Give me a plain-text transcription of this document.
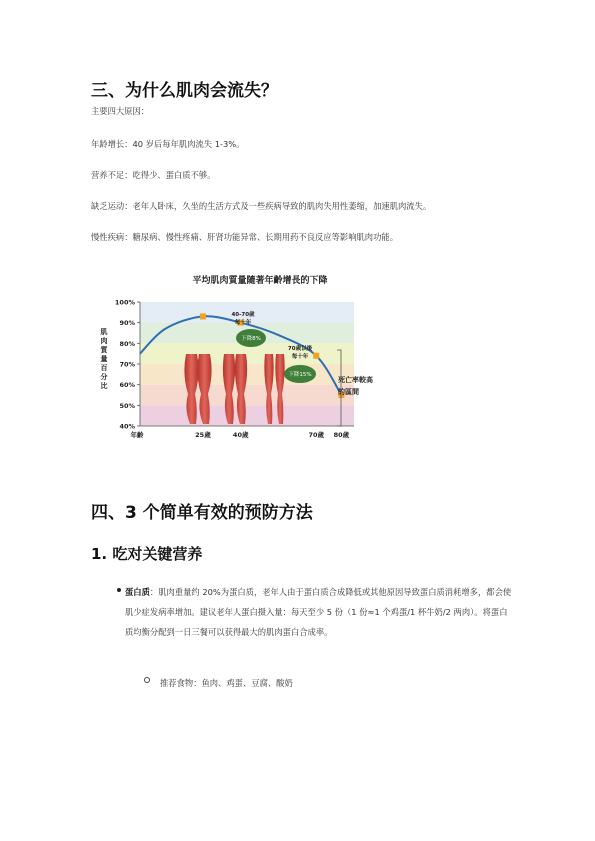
三、为什么肌肉会流失？
主要四大原因：
年龄增长：40 岁后每年肌肉流失 1-3%。
营养不足：吃得少、蛋白质不够。
缺乏运动：老年人卧床，久坐的生活方式及一些疾病导致的肌肉失用性萎缩，加速肌肉流失。
慢性疾病：糖尿病、慢性疼痛、肝肾功能异常、长期用药不良反应等影响肌肉功能。
平均肌肉質量隨著年齡增長的下降
100%
90%
80%
70%
60%
50%
40%
25歲	40歲	70歲 80歲
年齡
40-70歲
每十年
下降8%
70歲以後
每十年
下降15%
死亡率較高
的區間
肌
肉
質
量
百
分
比
四、3 个简单有效的预防方法
1. 吃对关键营养
蛋白质：肌肉重量约 20%为蛋白质，老年人由于蛋白质合成降低或其他原因导致蛋白质消耗增多，都会使肌少症发病率增加。建议老年人蛋白摄入量：每天至少 5 份（1 份≈1 个鸡蛋/1 杯牛奶/2 两肉）。将蛋白质均衡分配到一日三餐可以获得最大的肌肉蛋白合成率。
推荐食物：鱼肉、鸡蛋、豆腐、酸奶
